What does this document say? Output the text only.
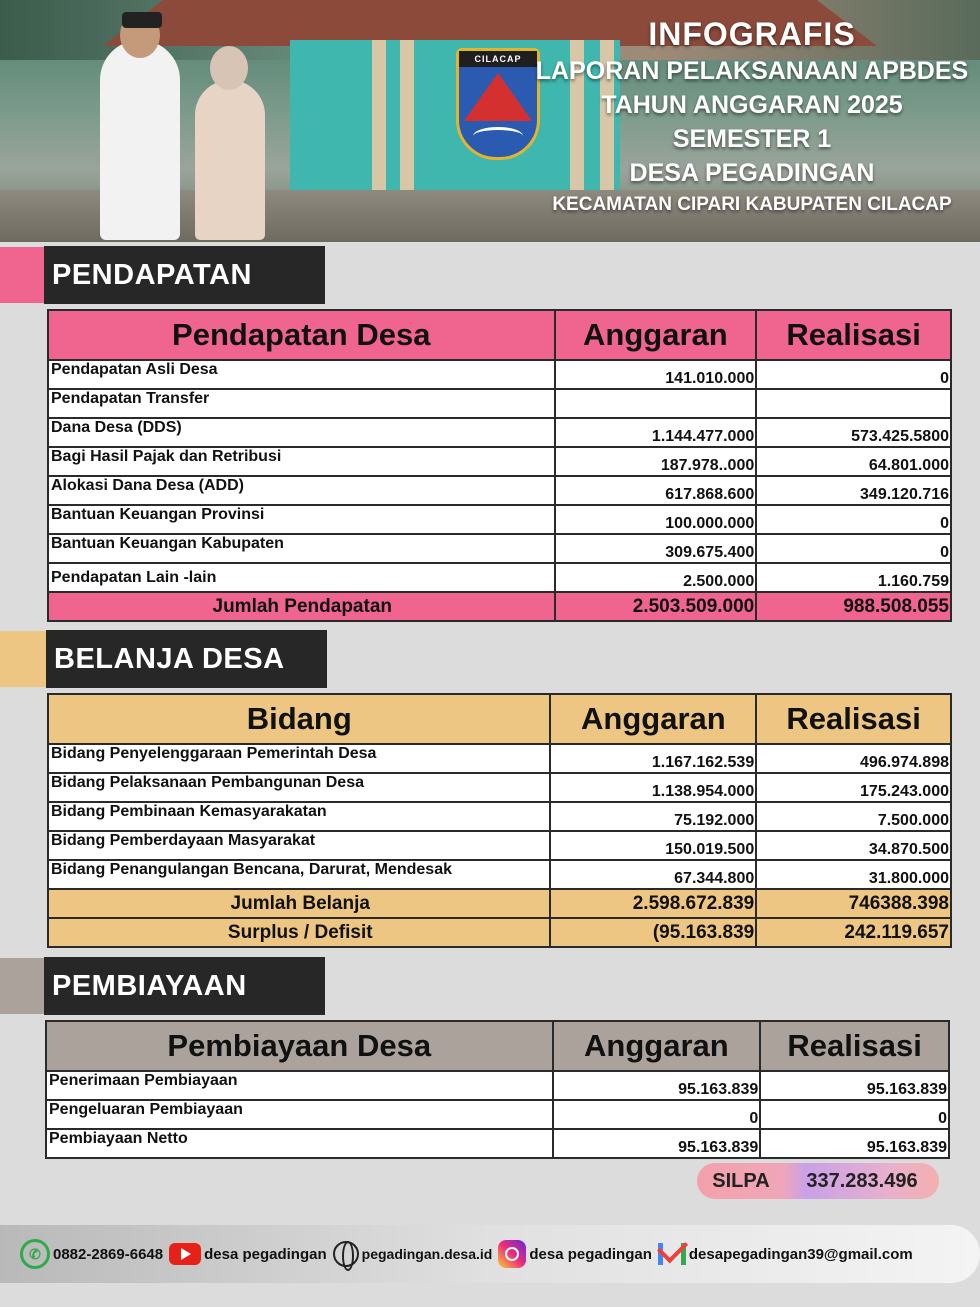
CILACAP
INFOGRAFIS
LAPORAN PELAKSANAAN APBDES
TAHUN ANGGARAN 2025
SEMESTER 1
DESA PEGADINGAN
KECAMATAN CIPARI KABUPATEN CILACAP
PENDAPATAN
Pendapatan Desa	Anggaran	Realisasi
Pendapatan Asli Desa	141.010.000	0
Pendapatan Transfer		
Dana Desa (DDS)	1.144.477.000	573.425.5800
Bagi Hasil Pajak dan Retribusi	187.978..000	64.801.000
Alokasi Dana Desa (ADD)	617.868.600	349.120.716
Bantuan Keuangan Provinsi	100.000.000	0
Bantuan Keuangan Kabupaten	309.675.400	0
Pendapatan Lain -lain	2.500.000	1.160.759
Jumlah Pendapatan	2.503.509.000	988.508.055
BELANJA DESA
Bidang	Anggaran	Realisasi
Bidang Penyelenggaraan Pemerintah Desa	1.167.162.539	496.974.898
Bidang Pelaksanaan Pembangunan Desa	1.138.954.000	175.243.000
Bidang Pembinaan Kemasyarakatan	75.192.000	7.500.000
Bidang Pemberdayaan Masyarakat	150.019.500	34.870.500
Bidang Penangulangan Bencana, Darurat, Mendesak	67.344.800	31.800.000
Jumlah Belanja	2.598.672.839	746388.398
Surplus / Defisit	(95.163.839	242.119.657
PEMBIAYAAN
Pembiayaan Desa	Anggaran	Realisasi
Penerimaan Pembiayaan	95.163.839	95.163.839
Pengeluaran Pembiayaan	0	0
Pembiayaan Netto	95.163.839	95.163.839
SILPA	337.283.496
✆ 0882-2869-6648	desa pegadingan	pegadingan.desa.id desa pegadingan desapegadingan39@gmail.com
